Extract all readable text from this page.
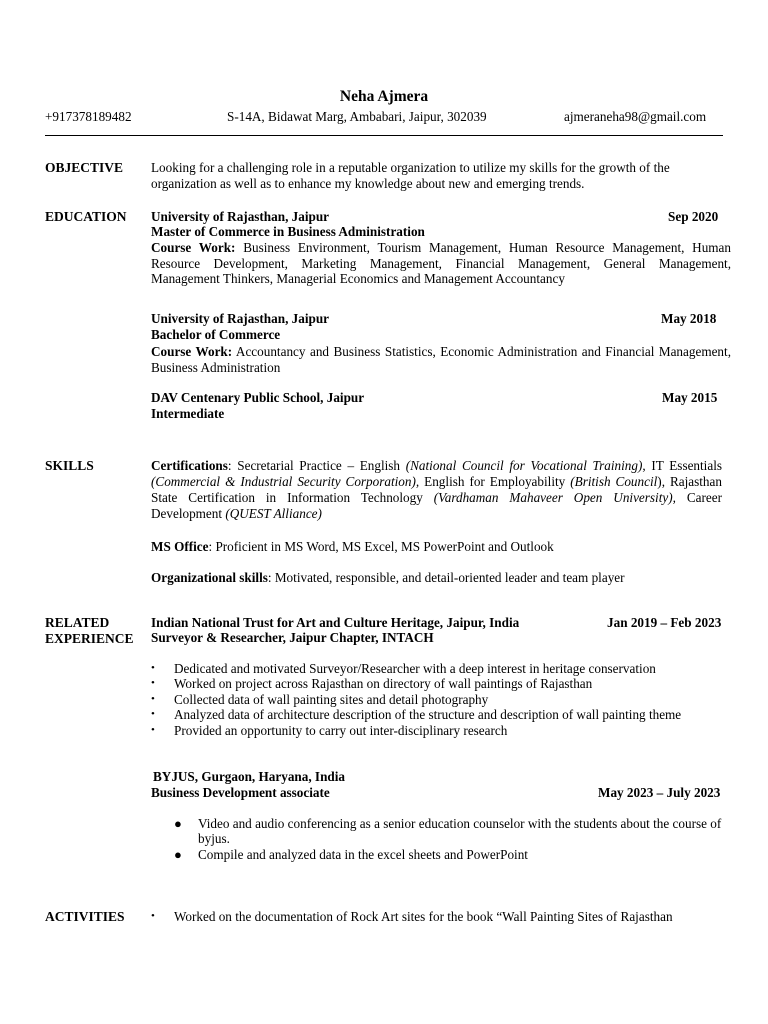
Neha Ajmera
+917378189482	S-14A, Bidawat Marg, Ambabari, Jaipur, 302039	ajmeraneha98@gmail.com
OBJECTIVE Looking for a challenging role in a reputable organization to utilize my skills for the growth of the organization as well as to enhance my knowledge about new and emerging trends.
EDUCATION University of Rajasthan, Jaipur	Sep 2020
Master of Commerce in Business Administration
Course Work: Business Environment, Tourism Management, Human Resource Management, Human Resource Development, Marketing Management, Financial Management, General Management, Management Thinkers, Managerial Economics and Management Accountancy
University of Rajasthan, Jaipur	May 2018
Bachelor of Commerce
Course Work: Accountancy and Business Statistics, Economic Administration and Financial Management, Business Administration
DAV Centenary Public School, Jaipur	May 2015
Intermediate
SKILLS	Certifications: Secretarial Practice – English (National Council for Vocational Training), IT Essentials (Commercial & Industrial Security Corporation), English for Employability (British Council), Rajasthan State Certification in Information Technology (Vardhaman Mahaveer Open University), Career Development (QUEST Alliance)
MS Office: Proficient in MS Word, MS Excel, MS PowerPoint and Outlook
Organizational skills: Motivated, responsible, and detail-oriented leader and team player
RELATED
EXPERIENCE
Indian National Trust for Art and Culture Heritage, Jaipur, India	Jan 2019 – Feb 2023
Surveyor & Researcher, Jaipur Chapter, INTACH
• Dedicated and motivated Surveyor/Researcher with a deep interest in heritage conservation
• Worked on project across Rajasthan on directory of wall paintings of Rajasthan
• Collected data of wall painting sites and detail photography
• Analyzed data of architecture description of the structure and description of wall painting theme
• Provided an opportunity to carry out inter-disciplinary research
BYJUS, Gurgaon, Haryana, India
Business Development associate	May 2023 – July 2023
● Video and audio conferencing as a senior education counselor with the students about the course of byjus.
● Compile and analyzed data in the excel sheets and PowerPoint
ACTIVITIES • Worked on the documentation of Rock Art sites for the book “Wall Painting Sites of Rajasthan
